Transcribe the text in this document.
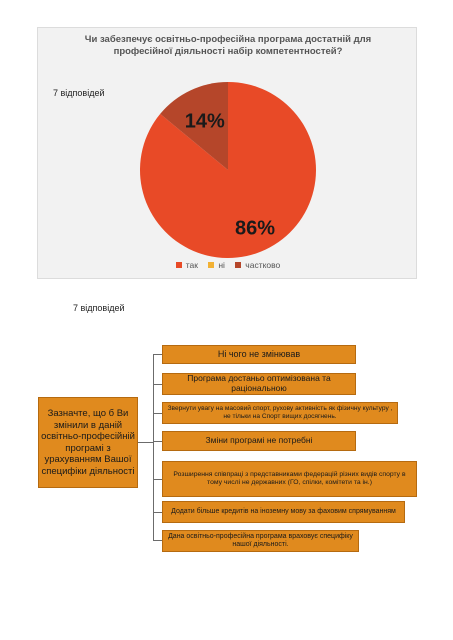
Чи забезпечує освітньо-професійна програма достатній для
професійної діяльності набір компетентностей?
7 відповідей
86%
14%
так
ні
частково
7 відповідей
Зазначте, що б Ви змінили в даній освітньо-професійній програмі з урахуванням Вашої специфіки діяльності
Ні чого не змінював
Програма достаньо оптимізована та раціональною
Звернути увагу на масовий спорт, рухову активність як фізичну культуру , не тільки на Спорт вищих досягнень.
Зміни програмі не потребні
Розширення співпраці з представниками федерацій різних видів спорту в тому числі не державних (ГО, спілки, комітети та ін.)
Додати більше кредитів на іноземну мову за фаховим спрямуванням
Дана освітньо-професійна програма враховує специфіку нашої діяльності.
